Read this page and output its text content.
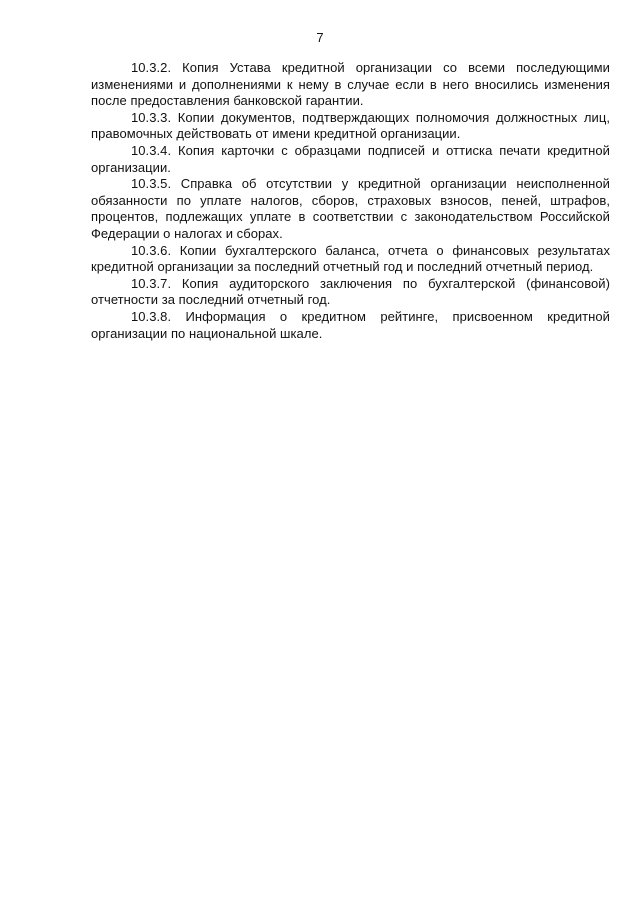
7

10.3.2. Копия Устава кредитной организации со всеми последующими изменениями и дополнениями к нему в случае если в него вносились изменения после предоставления банковской гарантии.

10.3.3. Копии документов, подтверждающих полномочия должностных лиц, правомочных действовать от имени кредитной организации.

10.3.4. Копия карточки с образцами подписей и оттиска печати кредитной организации.

10.3.5. Справка об отсутствии у кредитной организации неисполненной обязанности по уплате налогов, сборов, страховых взносов, пеней, штрафов, процентов, подлежащих уплате в соответствии с законодательством Российской Федерации о налогах и сборах.

10.3.6. Копии бухгалтерского баланса, отчета о финансовых результатах кредитной организации за последний отчетный год и последний отчетный период.

10.3.7. Копия аудиторского заключения по бухгалтерской (финансовой) отчетности за последний отчетный год.

10.3.8. Информация о кредитном рейтинге, присвоенном кредитной организации по национальной шкале.
